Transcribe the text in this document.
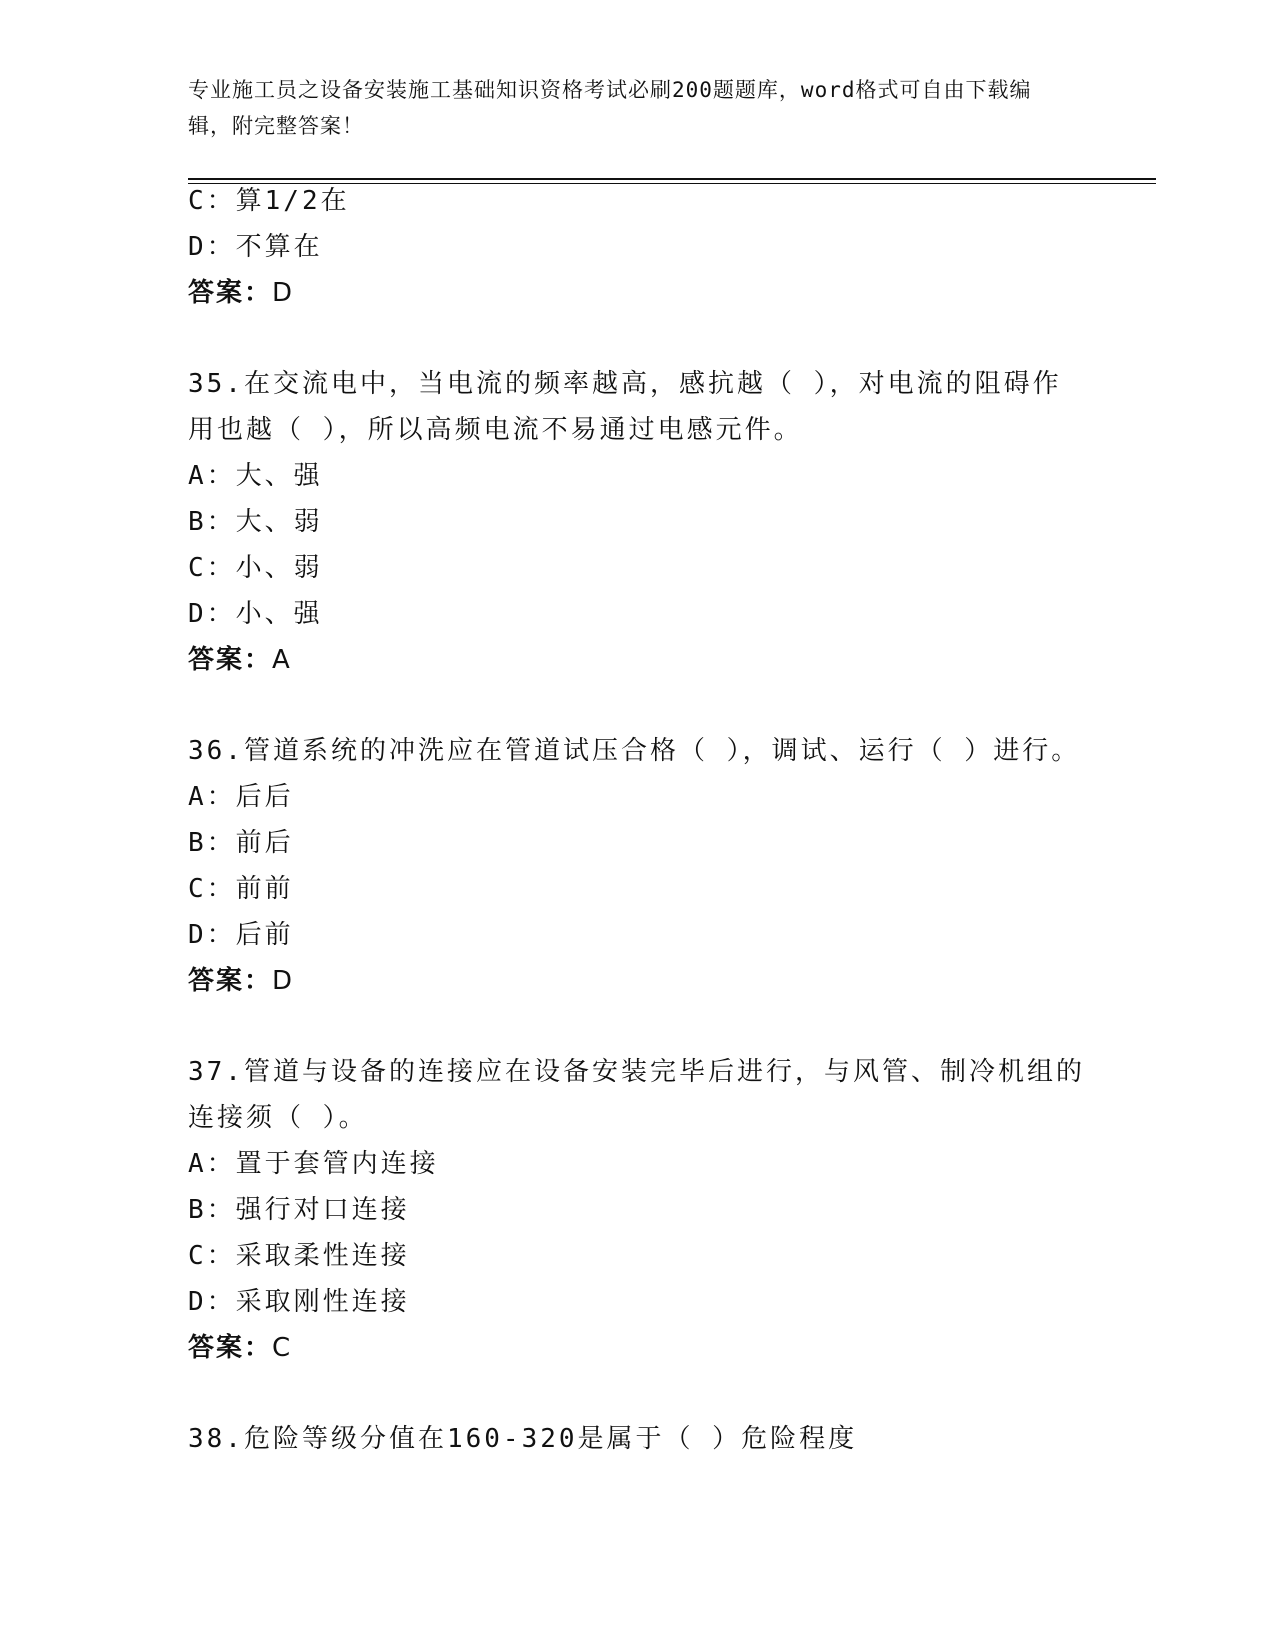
专业施工员之设备安装施工基础知识资格考试必刷200题题库，word格式可自由下载编辑，附完整答案！

C：算1/2在

D：不算在

答案：D

35.在交流电中，当电流的频率越高，感抗越（ ），对电流的阻碍作用也越（ ），所以高频电流不易通过电感元件。

A：大、强

B：大、弱

C：小、弱

D：小、强

答案：A

36.管道系统的冲洗应在管道试压合格（ ），调试、运行（ ）进行。

A：后后

B：前后

C：前前

D：后前

答案：D

37.管道与设备的连接应在设备安装完毕后进行，与风管、制冷机组的连接须（ ）。

A：置于套管内连接

B：强行对口连接

C：采取柔性连接

D：采取刚性连接

答案：C

38.危险等级分值在160-320是属于（ ）危险程度
